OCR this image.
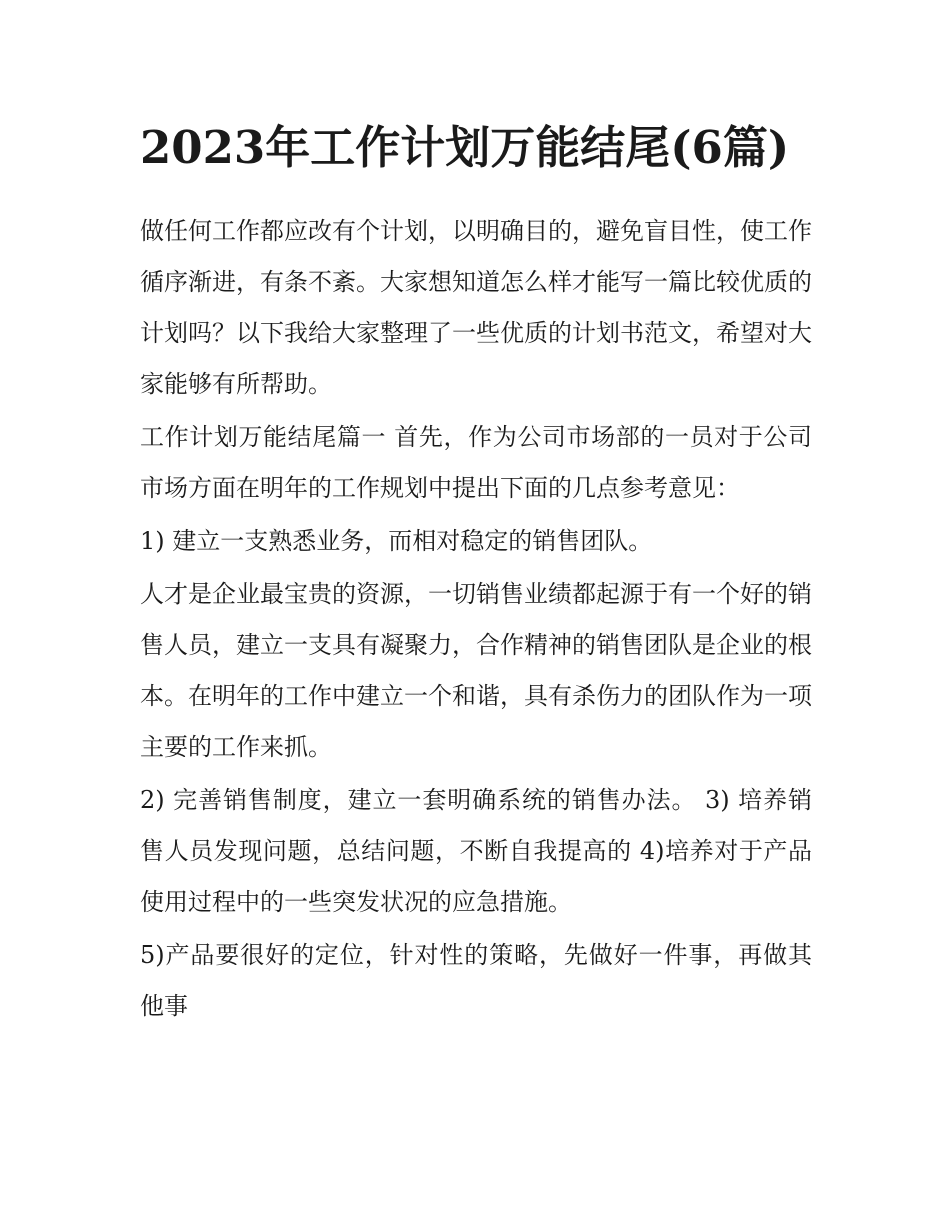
2023年工作计划万能结尾(6篇)

做任何工作都应改有个计划，以明确目的，避免盲目性，使工作循序渐进，有条不紊。大家想知道怎么样才能写一篇比较优质的计划吗？以下我给大家整理了一些优质的计划书范文，希望对大家能够有所帮助。

工作计划万能结尾篇一 首先，作为公司市场部的一员对于公司市场方面在明年的工作规划中提出下面的几点参考意见：

1) 建立一支熟悉业务，而相对稳定的销售团队。

人才是企业最宝贵的资源，一切销售业绩都起源于有一个好的销售人员，建立一支具有凝聚力，合作精神的销售团队是企业的根本。在明年的工作中建立一个和谐，具有杀伤力的团队作为一项主要的工作来抓。

2) 完善销售制度，建立一套明确系统的销售办法。 3) 培养销售人员发现问题，总结问题，不断自我提高的 4)培养对于产品使用过程中的一些突发状况的应急措施。

5)产品要很好的定位，针对性的策略，先做好一件事，再做其他事
